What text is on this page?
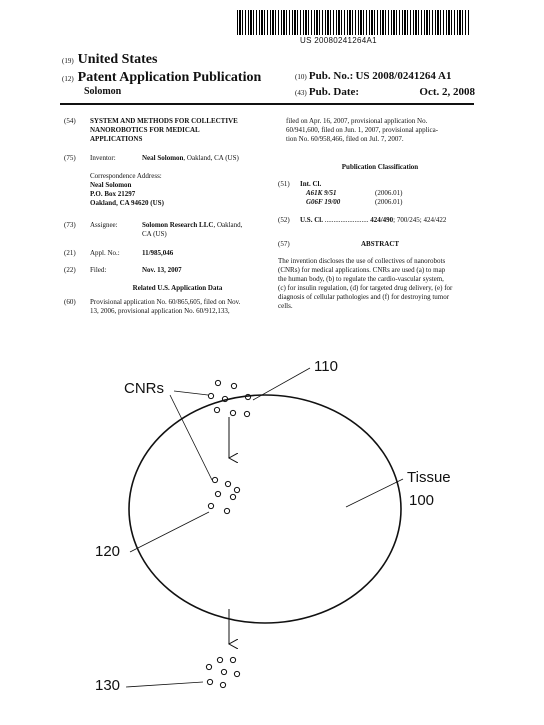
US 20080241264A1
(19) United States
(12) Patent Application Publication
Solomon
(10) Pub. No.: US 2008/0241264 A1
(43) Pub. Date:	Oct. 2, 2008
(54) SYSTEM AND METHODS FOR COLLECTIVE
NANOROBOTICS FOR MEDICAL
APPLICATIONS
(75) Inventor:	Neal Solomon, Oakland, CA (US)
Correspondence Address:
Neal Solomon
P.O. Box 21297
Oakland, CA 94620 (US)
(73) Assignee:	Solomon Research LLC, Oakland,
CA (US)
(21) Appl. No.:	11/985,046
(22) Filed:	Nov. 13, 2007
Related U.S. Application Data
(60) Provisional application No. 60/865,605, filed on Nov.
13, 2006, provisional application No. 60/912,133,
filed on Apr. 16, 2007, provisional application No.
60/941,600, filed on Jun. 1, 2007, provisional applica-
tion No. 60/958,466, filed on Jul. 7, 2007.
Publication Classification
(51) Int. Cl.
A61K 9/51	(2006.01)
G06F 19/00	(2006.01)
(52) U.S. Cl. ......................... 424/490; 700/245; 424/422
(57)	ABSTRACT
The invention discloses the use of collectives of nanorobots
(CNRs) for medical applications. CNRs are used (a) to map
the human body, (b) to regulate the cardio-vascular system,
(c) for insulin regulation, (d) for targeted drug delivery, (e) for
diagnosis of cellular pathologies and (f) for destroying tumor
cells.
CNRs
110
Tissue
100
120
130
